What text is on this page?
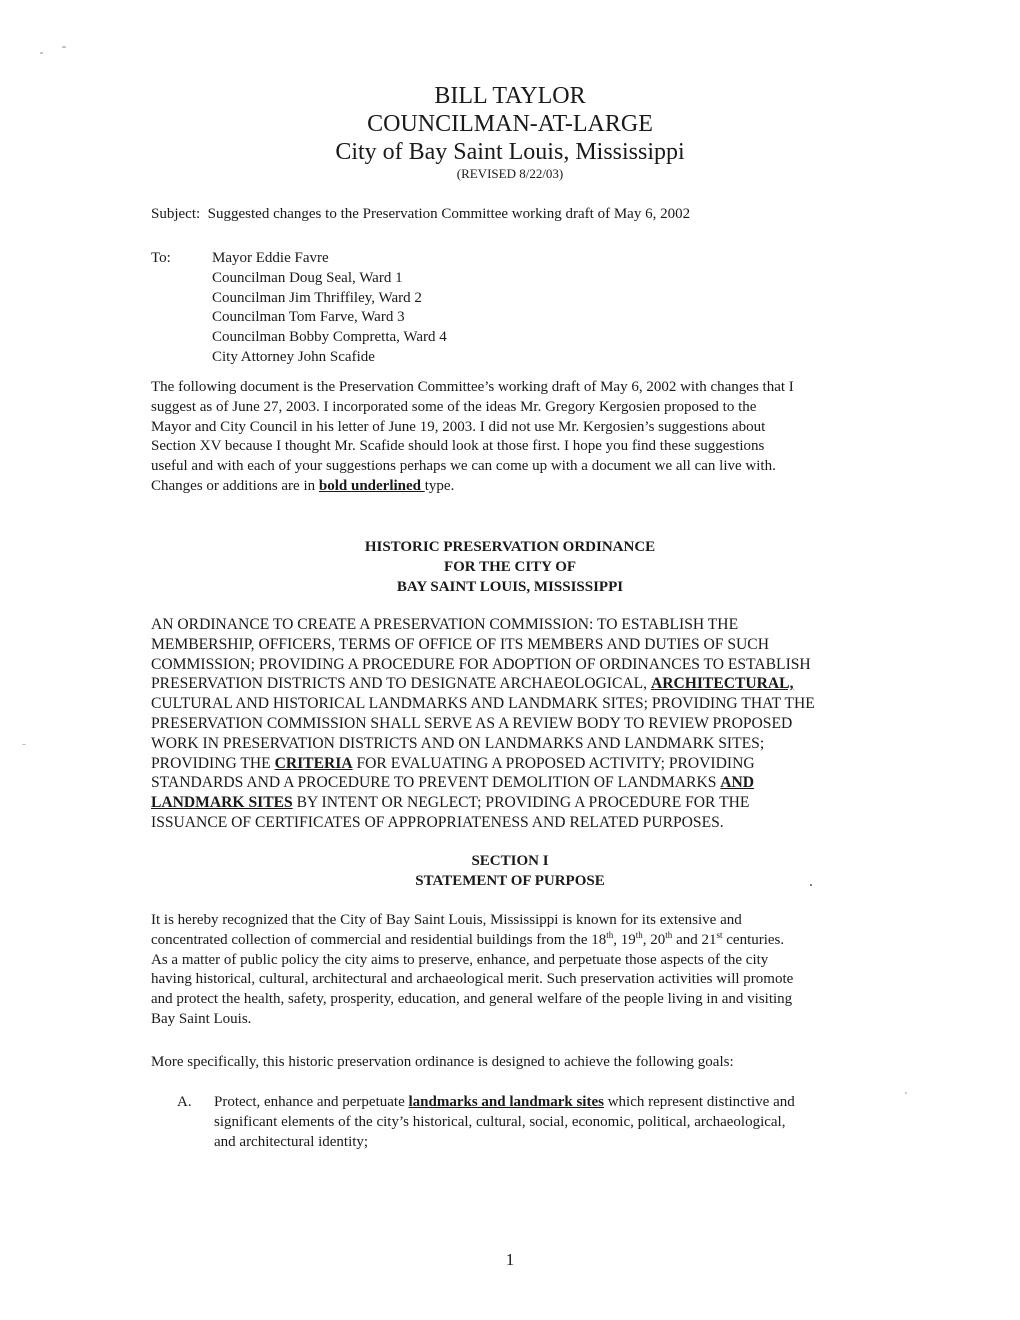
BILL TAYLOR
COUNCILMAN-AT-LARGE
City of Bay Saint Louis, Mississippi
(REVISED 8/22/03)
Subject: Suggested changes to the Preservation Committee working draft of May 6, 2002
To:	Mayor Eddie Favre
Councilman Doug Seal, Ward 1
Councilman Jim Thriffiley, Ward 2
Councilman Tom Farve, Ward 3
Councilman Bobby Compretta, Ward 4
City Attorney John Scafide
The following document is the Preservation Committee’s working draft of May 6, 2002 with changes that I
suggest as of June 27, 2003. I incorporated some of the ideas Mr. Gregory Kergosien proposed to the
Mayor and City Council in his letter of June 19, 2003. I did not use Mr. Kergosien’s suggestions about
Section XV because I thought Mr. Scafide should look at those first. I hope you find these suggestions
useful and with each of your suggestions perhaps we can come up with a document we all can live with.
Changes or additions are in bold underlined type.
HISTORIC PRESERVATION ORDINANCE
FOR THE CITY OF
BAY SAINT LOUIS, MISSISSIPPI
AN ORDINANCE TO CREATE A PRESERVATION COMMISSION: TO ESTABLISH THE
MEMBERSHIP, OFFICERS, TERMS OF OFFICE OF ITS MEMBERS AND DUTIES OF SUCH
COMMISSION; PROVIDING A PROCEDURE FOR ADOPTION OF ORDINANCES TO ESTABLISH
PRESERVATION DISTRICTS AND TO DESIGNATE ARCHAEOLOGICAL, ARCHITECTURAL,
CULTURAL AND HISTORICAL LANDMARKS AND LANDMARK SITES; PROVIDING THAT THE
PRESERVATION COMMISSION SHALL SERVE AS A REVIEW BODY TO REVIEW PROPOSED
WORK IN PRESERVATION DISTRICTS AND ON LANDMARKS AND LANDMARK SITES;
PROVIDING THE CRITERIA FOR EVALUATING A PROPOSED ACTIVITY; PROVIDING
STANDARDS AND A PROCEDURE TO PREVENT DEMOLITION OF LANDMARKS AND
LANDMARK SITES BY INTENT OR NEGLECT; PROVIDING A PROCEDURE FOR THE
ISSUANCE OF CERTIFICATES OF APPROPRIATENESS AND RELATED PURPOSES.
SECTION I
STATEMENT OF PURPOSE
It is hereby recognized that the City of Bay Saint Louis, Mississippi is known for its extensive and
concentrated collection of commercial and residential buildings from the 18th, 19th, 20th and 21st centuries.
As a matter of public policy the city aims to preserve, enhance, and perpetuate those aspects of the city
having historical, cultural, architectural and archaeological merit. Such preservation activities will promote
and protect the health, safety, prosperity, education, and general welfare of the people living in and visiting
Bay Saint Louis.
More specifically, this historic preservation ordinance is designed to achieve the following goals:
A. Protect, enhance and perpetuate landmarks and landmark sites which represent distinctive and
significant elements of the city’s historical, cultural, social, economic, political, archaeological,
and architectural identity;
1
